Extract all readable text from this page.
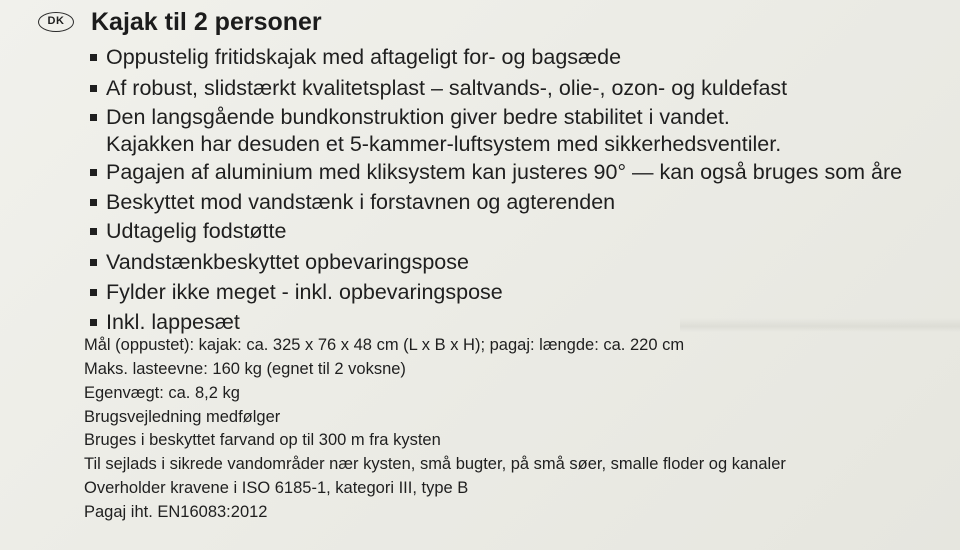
DK	Kajak til 2 personer
Oppustelig fritidskajak med aftageligt for- og bagsæde
Af robust, slidstærkt kvalitetsplast – saltvands-, olie-, ozon- og kuldefast
Den langsgående bundkonstruktion giver bedre stabilitet i vandet.
Kajakken har desuden et 5-kammer-luftsystem med sikkerhedsventiler.
Pagajen af aluminium med kliksystem kan justeres 90° — kan også bruges som åre
Beskyttet mod vandstænk i forstavnen og agterenden
Udtagelig fodstøtte
Vandstænkbeskyttet opbevaringspose
Fylder ikke meget - inkl. opbevaringspose
Inkl. lappesæt
Mål (oppustet): kajak: ca. 325 x 76 x 48 cm (L x B x H); pagaj: længde: ca. 220 cm
Maks. lasteevne: 160 kg (egnet til 2 voksne)
Egenvægt: ca. 8,2 kg
Brugsvejledning medfølger
Bruges i beskyttet farvand op til 300 m fra kysten
Til sejlads i sikrede vandområder nær kysten, små bugter, på små søer, smalle floder og kanaler
Overholder kravene i ISO 6185-1, kategori III, type B
Pagaj iht. EN16083:2012
